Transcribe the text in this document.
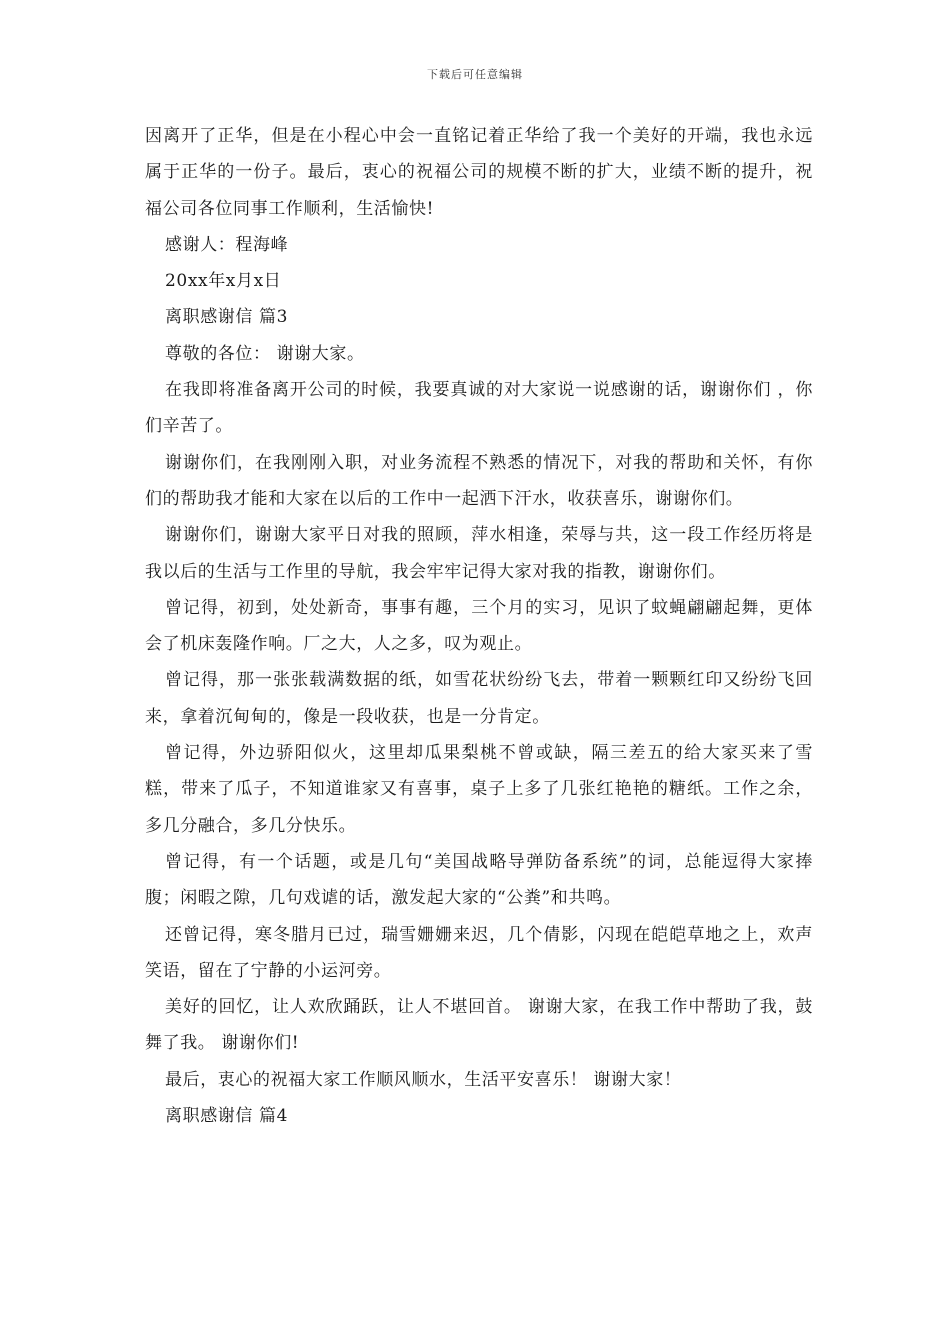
下载后可任意编辑

因离开了正华，但是在小程心中会一直铭记着正华给了我一个美好的开端，我也永远属于正华的一份子。最后，衷心的祝福公司的规模不断的扩大，业绩不断的提升，祝福公司各位同事工作顺利，生活愉快!

感谢人：程海峰

20xx年x月x日

离职感谢信 篇3

尊敬的各位： 谢谢大家。

在我即将准备离开公司的时候，我要真诚的对大家说一说感谢的话，谢谢你们 ，你们辛苦了。

谢谢你们，在我刚刚入职，对业务流程不熟悉的情况下，对我的帮助和关怀，有你们的帮助我才能和大家在以后的工作中一起洒下汗水，收获喜乐，谢谢你们。

谢谢你们，谢谢大家平日对我的照顾，萍水相逢，荣辱与共，这一段工作经历将是我以后的生活与工作里的导航，我会牢牢记得大家对我的指教，谢谢你们。

曾记得，初到，处处新奇，事事有趣，三个月的实习，见识了蚊蝇翩翩起舞，更体会了机床轰隆作响。厂之大，人之多，叹为观止。

曾记得，那一张张载满数据的纸，如雪花状纷纷飞去，带着一颗颗红印又纷纷飞回来，拿着沉甸甸的，像是一段收获，也是一分肯定。

曾记得，外边骄阳似火，这里却瓜果梨桃不曾或缺，隔三差五的给大家买来了雪糕，带来了瓜子，不知道谁家又有喜事，桌子上多了几张红艳艳的糖纸。工作之余，多几分融合，多几分快乐。

曾记得，有一个话题，或是几句“美国战略导弹防备系统”的词，总能逗得大家捧腹；闲暇之隙，几句戏谑的话，激发起大家的“公粪”和共鸣。

还曾记得，寒冬腊月已过，瑞雪姗姗来迟，几个倩影，闪现在皑皑草地之上，欢声笑语，留在了宁静的小运河旁。

美好的回忆，让人欢欣踊跃，让人不堪回首。 谢谢大家，在我工作中帮助了我，鼓舞了我。 谢谢你们!

最后，衷心的祝福大家工作顺风顺水，生活平安喜乐！ 谢谢大家！

离职感谢信 篇4
